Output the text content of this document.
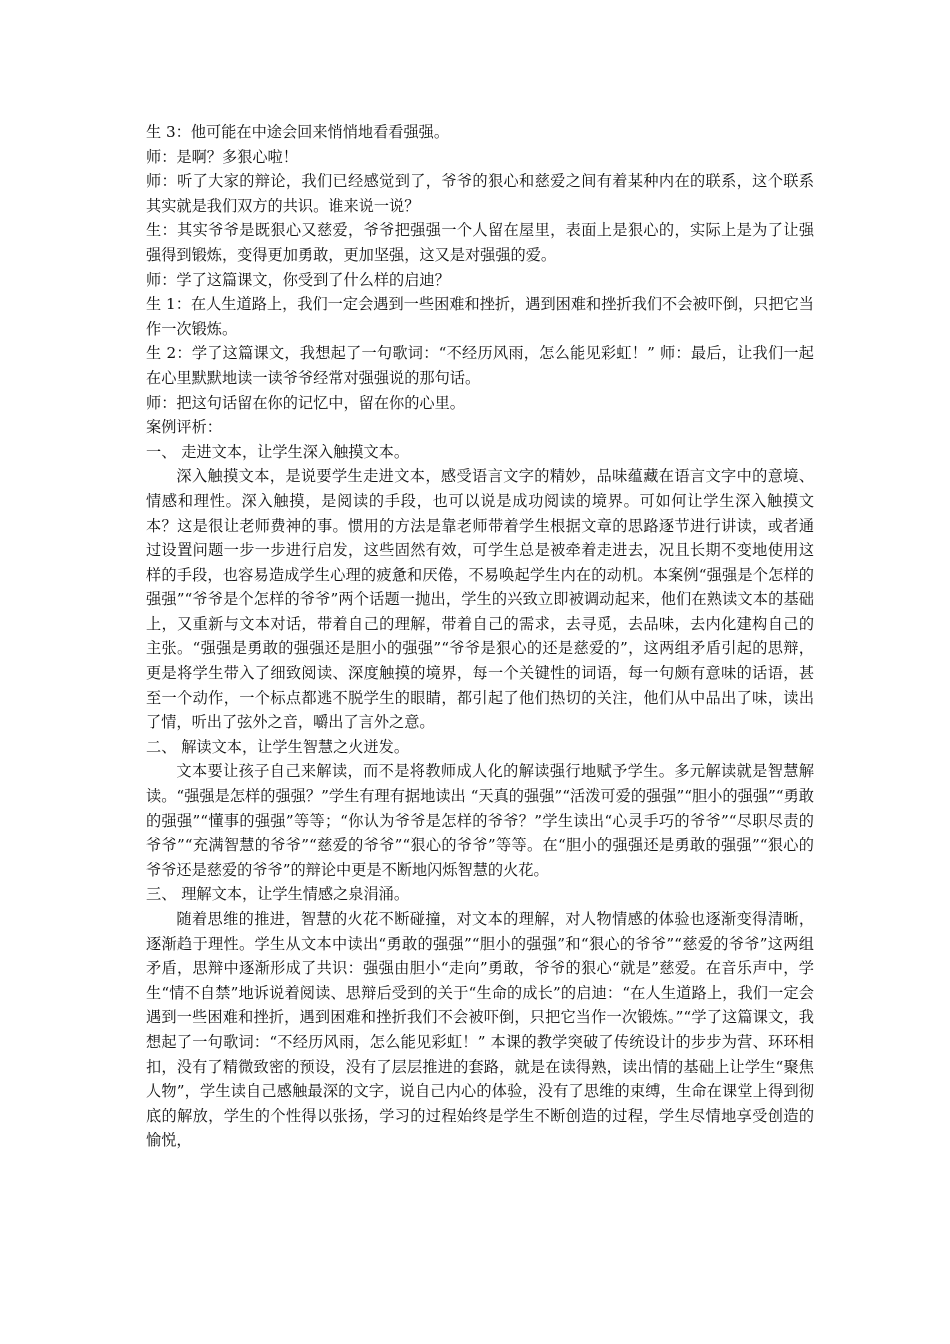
生 3：他可能在中途会回来悄悄地看看强强。

师：是啊？多狠心啦！

师：听了大家的辩论，我们已经感觉到了，爷爷的狠心和慈爱之间有着某种内在的联系，这个联系其实就是我们双方的共识。谁来说一说？

生：其实爷爷是既狠心又慈爱，爷爷把强强一个人留在屋里，表面上是狠心的，实际上是为了让强强得到锻炼，变得更加勇敢，更加坚强，这又是对强强的爱。

师：学了这篇课文，你受到了什么样的启迪？

生 1：在人生道路上，我们一定会遇到一些困难和挫折，遇到困难和挫折我们不会被吓倒，只把它当作一次锻炼。

生 2：学了这篇课文，我想起了一句歌词：“不经历风雨，怎么能见彩虹！” 师：最后，让我们一起在心里默默地读一读爷爷经常对强强说的那句话。

师：把这句话留在你的记忆中，留在你的心里。

案例评析：

一、 走进文本，让学生深入触摸文本。

深入触摸文本，是说要学生走进文本，感受语言文字的精妙，品味蕴藏在语言文字中的意境、情感和理性。深入触摸，是阅读的手段，也可以说是成功阅读的境界。可如何让学生深入触摸文本？这是很让老师费神的事。惯用的方法是靠老师带着学生根据文章的思路逐节进行讲读，或者通过设置问题一步一步进行启发，这些固然有效，可学生总是被牵着走进去，况且长期不变地使用这样的手段，也容易造成学生心理的疲惫和厌倦，不易唤起学生内在的动机。本案例“强强是个怎样的强强”“爷爷是个怎样的爷爷”两个话题一抛出，学生的兴致立即被调动起来，他们在熟读文本的基础上，又重新与文本对话，带着自己的理解，带着自己的需求，去寻觅，去品味，去内化建构自己的主张。“强强是勇敢的强强还是胆小的强强”“爷爷是狠心的还是慈爱的”，这两组矛盾引起的思辩，更是将学生带入了细致阅读、深度触摸的境界，每一个关键性的词语，每一句颇有意味的话语，甚至一个动作，一个标点都逃不脱学生的眼睛，都引起了他们热切的关注，他们从中品出了味，读出了情，听出了弦外之音，嚼出了言外之意。

二、 解读文本，让学生智慧之火迸发。

文本要让孩子自己来解读，而不是将教师成人化的解读强行地赋予学生。多元解读就是智慧解读。“强强是怎样的强强？”学生有理有据地读出 “天真的强强”“活泼可爱的强强”“胆小的强强”“勇敢的强强”“懂事的强强”等等；“你认为爷爷是怎样的爷爷？”学生读出“心灵手巧的爷爷”“尽职尽责的爷爷”“充满智慧的爷爷”“慈爱的爷爷”“狠心的爷爷”等等。在“胆小的强强还是勇敢的强强”“狠心的爷爷还是慈爱的爷爷”的辩论中更是不断地闪烁智慧的火花。

三、 理解文本，让学生情感之泉涓涌。

随着思维的推进，智慧的火花不断碰撞，对文本的理解，对人物情感的体验也逐渐变得清晰，逐渐趋于理性。学生从文本中读出“勇敢的强强”“胆小的强强”和“狠心的爷爷”“慈爱的爷爷”这两组矛盾，思辩中逐渐形成了共识：强强由胆小“走向”勇敢，爷爷的狠心“就是”慈爱。在音乐声中，学生“情不自禁”地诉说着阅读、思辩后受到的关于“生命的成长”的启迪：“在人生道路上，我们一定会遇到一些困难和挫折，遇到困难和挫折我们不会被吓倒，只把它当作一次锻炼。”“学了这篇课文，我想起了一句歌词：“不经历风雨，怎么能见彩虹！” 本课的教学突破了传统设计的步步为营、环环相扣，没有了精微致密的预设，没有了层层推进的套路，就是在读得熟，读出情的基础上让学生“聚焦人物”，学生读自己感触最深的文字，说自己内心的体验，没有了思维的束缚，生命在课堂上得到彻底的解放，学生的个性得以张扬，学习的过程始终是学生不断创造的过程，学生尽情地享受创造的愉悦，
